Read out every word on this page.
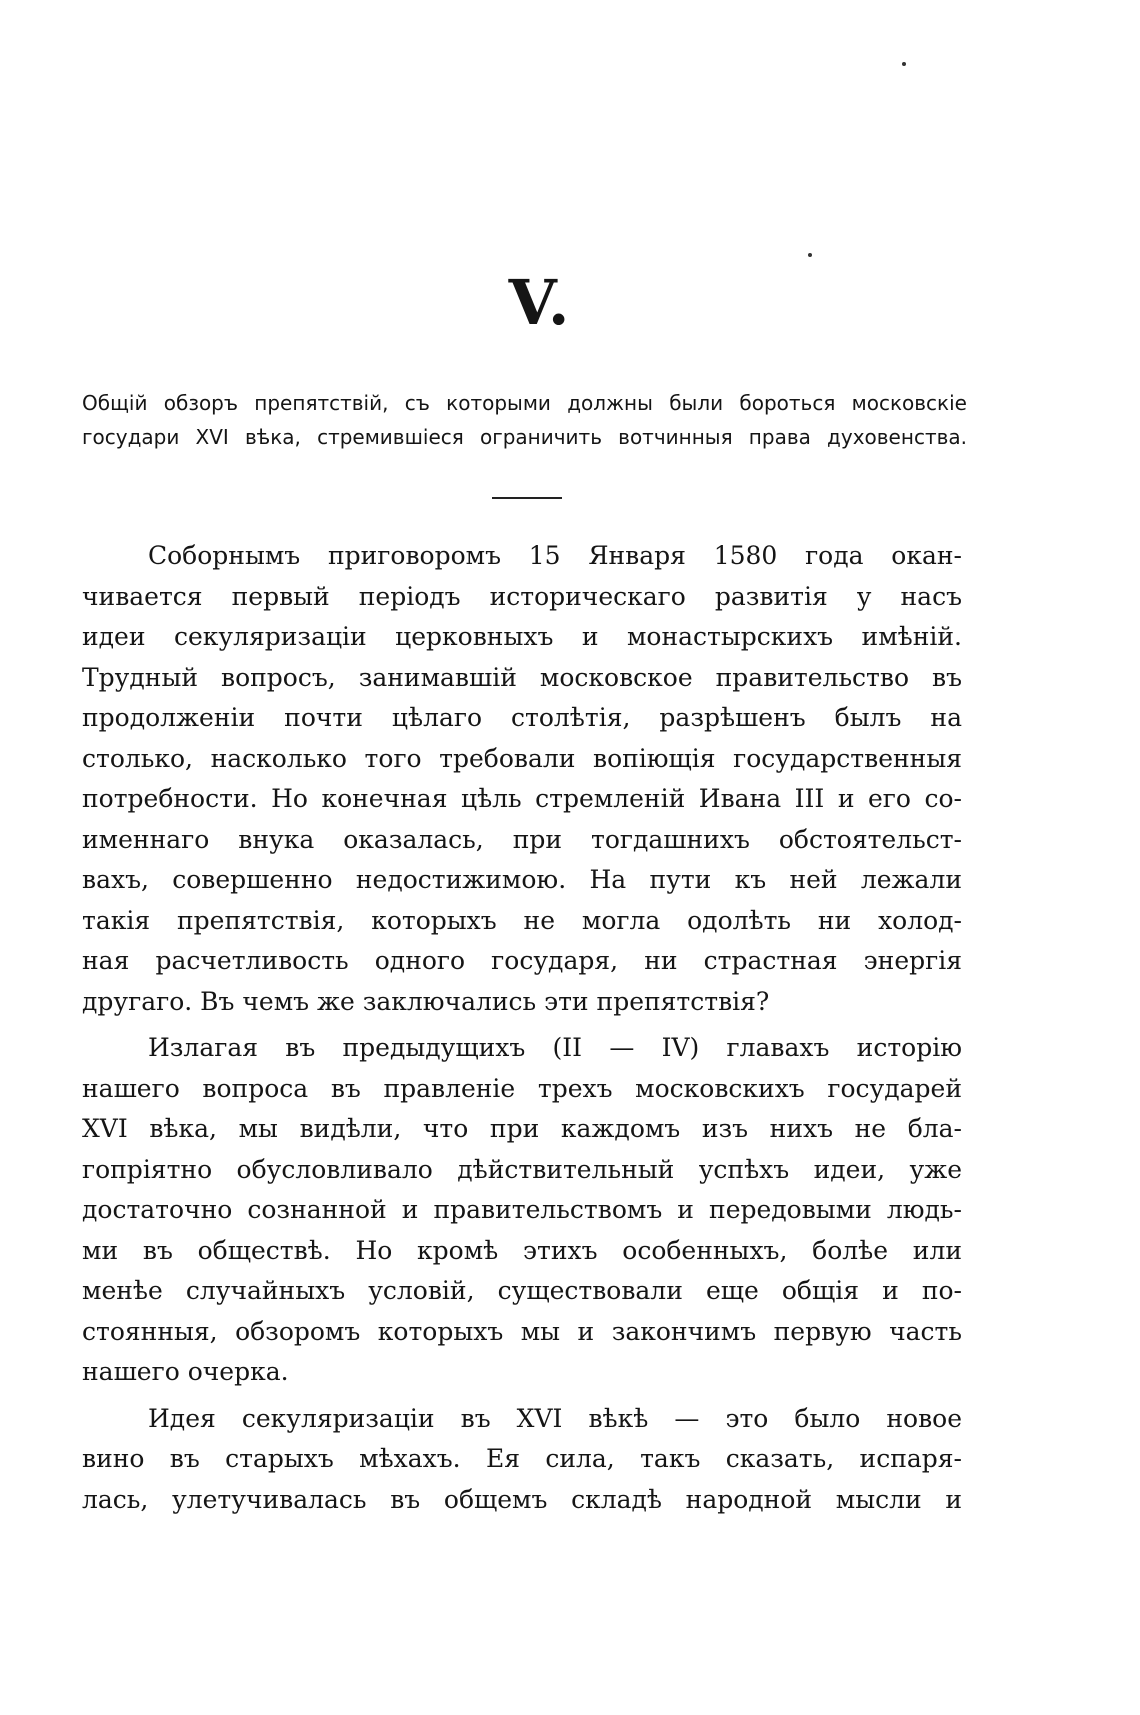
V.
Общій обзоръ препятствій, съ которыми должны были бороться московскіе
государи XVI вѣка, стремившіеся ограничить вотчинныя права духовенства.
Соборнымъ приговоромъ 15 Января 1580 года окан-
чивается первый періодъ историческаго развитія у насъ
идеи секуляризаціи церковныхъ и монастырскихъ имѣній.
Трудный вопросъ, занимавшій московское правительство въ
продолженіи почти цѣлаго столѣтія, разрѣшенъ былъ на
столько, насколько того требовали вопіющія государственныя
потребности. Но конечная цѣль стремленій Ивана III и его со-
именнаго внука оказалась, при тогдашнихъ обстоятельст-
вахъ, совершенно недостижимою. На пути къ ней лежали
такія препятствія, которыхъ не могла одолѣть ни холод-
ная расчетливость одного государя, ни страстная энергія
другаго. Въ чемъ же заключались эти препятствія?
Излагая въ предыдущихъ (II — IV) главахъ исторію
нашего вопроса въ правленіе трехъ московскихъ государей
XVI вѣка, мы видѣли, что при каждомъ изъ нихъ не бла-
гопріятно обусловливало дѣйствительный успѣхъ идеи, уже
достаточно сознанной и правительствомъ и передовыми людь-
ми въ обществѣ. Но кромѣ этихъ особенныхъ, болѣе или
менѣе случайныхъ условій, существовали еще общія и по-
стоянныя, обзоромъ которыхъ мы и закончимъ первую часть
нашего очерка.
Идея секуляризаціи въ XVI вѣкѣ — это было новое
вино въ старыхъ мѣхахъ. Ея сила, такъ сказать, испаря-
лась, улетучивалась въ общемъ складѣ народной мысли и
